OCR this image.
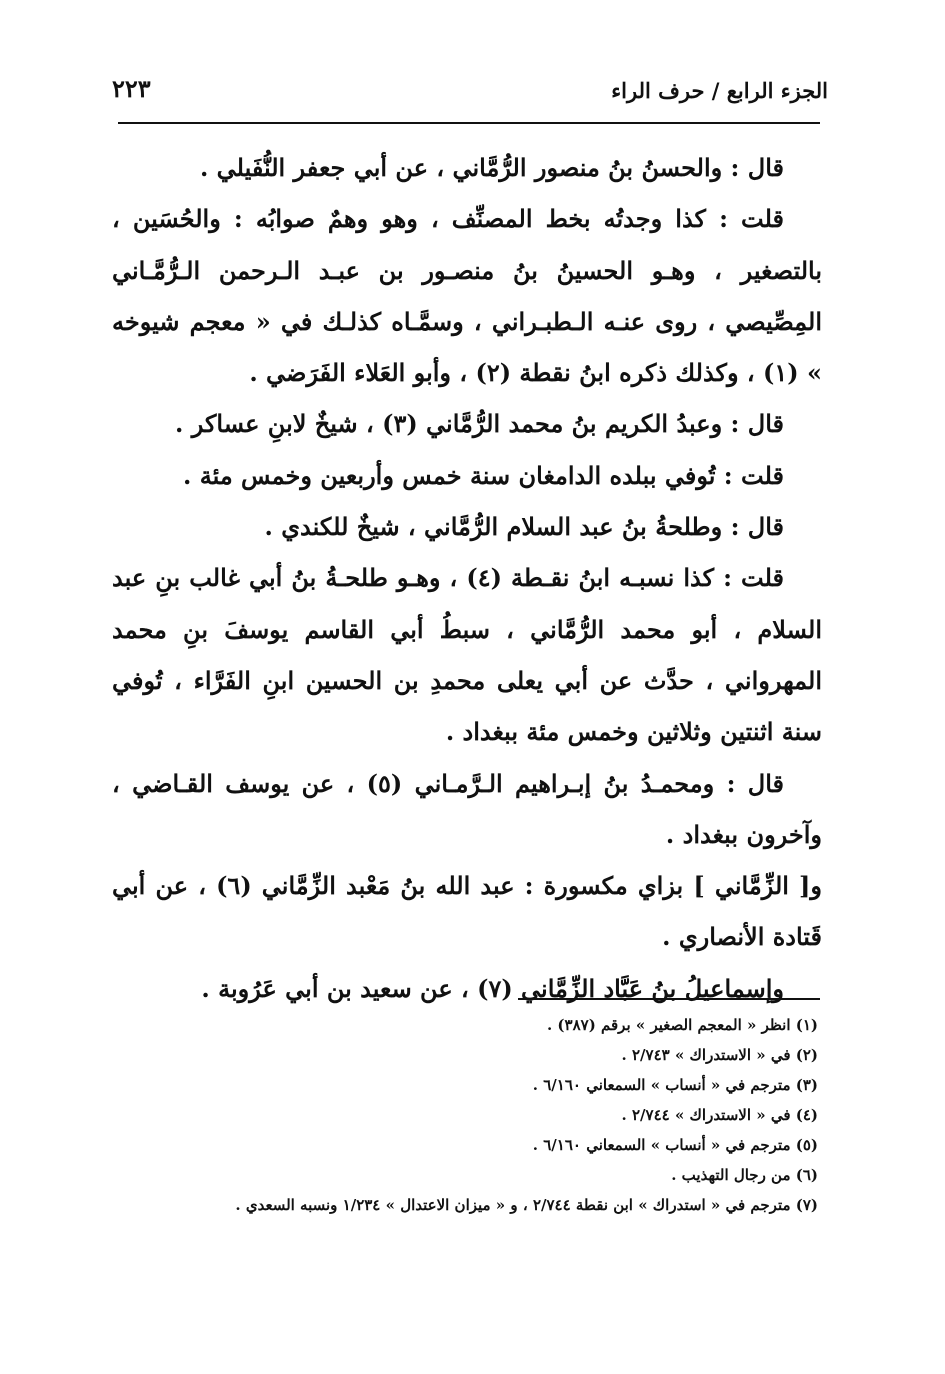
الجزء الرابع / حرف الراء
٢٢٣

قال : والحسنُ بنُ منصور الرُّمَّاني ، عن أبي جعفر النُّفَيلي .

قلت : كذا وجدتُه بخط المصنِّف ، وهو وهمٌ صوابُه : والحُسَين ، بالتصغير ، وهـو الحسينُ بنُ منصـور بن عبـد الـرحمن الـرُّمَّـاني المِصِّيصي ، روى عنـه الـطبـراني ، وسمَّـاه كذلـك في « معجم شيوخه » (١) ، وكذلك ذكره ابنُ نقطة (٢) ، وأبو العَلاء الفَرَضي .

قال : وعبدُ الكريم بنُ محمد الرُّمَّاني (٣) ، شيخٌ لابنِ عساكر .

قلت : تُوفي ببلده الدامغان سنة خمس وأربعين وخمس مئة .

قال : وطلحةُ بنُ عبد السلام الرُّمَّاني ، شيخٌ للكندي .

قلت : كذا نسبـه ابنُ نقـطة (٤) ، وهـو طلحـةُ بنُ أبي غالب بنِ عبد السلام ، أبو محمد الرُّمَّاني ، سبطُ أبي القاسم يوسفَ بنِ محمد المهرواني ، حدَّث عن أبي يعلى محمدِ بن الحسين ابنِ الفَرَّاء ، تُوفي سنة اثنتين وثلاثين وخمس مئة ببغداد .

قال : ومحمـدُ بنُ إبـراهيم الـرَّمـاني (٥) ، عن يوسف القـاضي ، وآخرون ببغداد .

و[ الزِّمَّاني ] بزاي مكسورة : عبد الله بنُ مَعْبد الزِّمَّاني (٦) ، عن أبي قَتادة الأنصاري .

وإسماعيلُ بنُ عَبَّاد الزِّمَّاني (٧) ، عن سعيد بن أبي عَرُوبة .

(١) انظر « المعجم الصغير » برقم (٣٨٧) .

(٢) في « الاستدراك » ٢/٧٤٣ .

(٣) مترجم في « أنساب » السمعاني ٦/١٦٠ .

(٤) في « الاستدراك » ٢/٧٤٤ .

(٥) مترجم في « أنساب » السمعاني ٦/١٦٠ .

(٦) من رجال التهذيب .

(٧) مترجم في « استدراك » ابن نقطة ٢/٧٤٤ ، و « ميزان الاعتدال » ١/٢٣٤ ونسبه السعدي .
